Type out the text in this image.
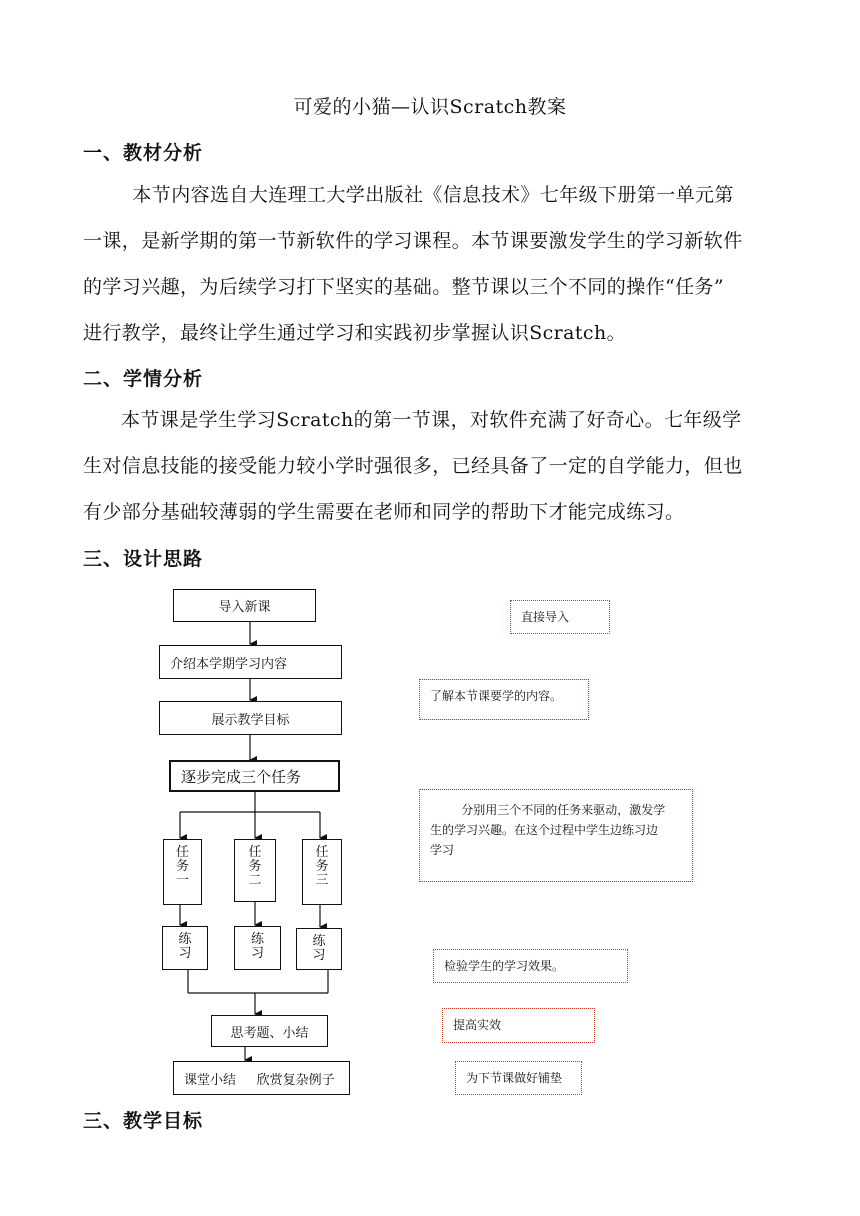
可爱的小猫—认识Scratch教案
一、教材分析

本节内容选自大连理工大学出版社《信息技术》七年级下册第一单元第

一课，是新学期的第一节新软件的学习课程。本节课要激发学生的学习新软件
的学习兴趣，为后续学习打下坚实的基础。整节课以三个不同的操作“任务”
进行教学，最终让学生通过学习和实践初步掌握认识Scratch。

二、学情分析

本节课是学生学习Scratch的第一节课，对软件充满了好奇心。七年级学

生对信息技能的接受能力较小学时强很多，已经具备了一定的自学能力，但也
有少部分基础较薄弱的学生需要在老师和同学的帮助下才能完成练习。

三、设计思路
导入新课
介绍本学期学习内容
展示教学目标
逐步完成三个任务
任
务
一
任
务
二
任
务
三
练
习
练
习
练
习
思考题、小结
课堂小结     欣赏复杂例子
直接导入
了解本节课要学的内容。
分别用三个不同的任务来驱动，激发学
生的学习兴趣。在这个过程中学生边练习边
学习
检验学生的学习效果。
提高实效
为下节课做好铺垫
三、教学目标
